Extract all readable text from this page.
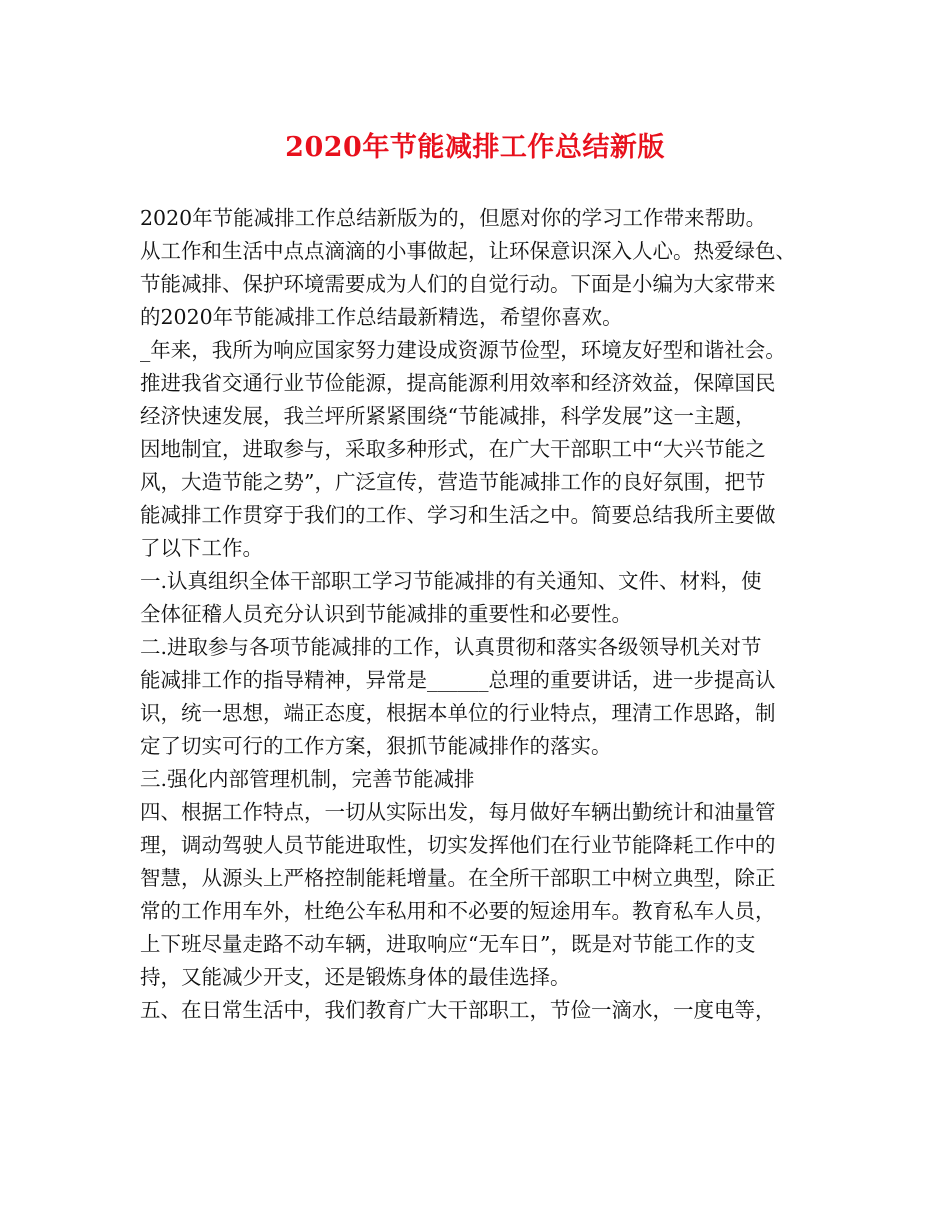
2020年节能减排工作总结新版
2020年节能减排工作总结新版为的，但愿对你的学习工作带来帮助。
从工作和生活中点点滴滴的小事做起，让环保意识深入人心。热爱绿色、
节能减排、保护环境需要成为人们的自觉行动。下面是小编为大家带来
的2020年节能减排工作总结最新精选，希望你喜欢。
_年来，我所为响应国家努力建设成资源节俭型，环境友好型和谐社会。
推进我省交通行业节俭能源，提高能源利用效率和经济效益，保障国民
经济快速发展，我兰坪所紧紧围绕“节能减排，科学发展”这一主题，
因地制宜，进取参与，采取多种形式，在广大干部职工中“大兴节能之
风，大造节能之势”，广泛宣传，营造节能减排工作的良好氛围，把节
能减排工作贯穿于我们的工作、学习和生活之中。简要总结我所主要做
了以下工作。
一.认真组织全体干部职工学习节能减排的有关通知、文件、材料，使
全体征稽人员充分认识到节能减排的重要性和必要性。
二.进取参与各项节能减排的工作，认真贯彻和落实各级领导机关对节
能减排工作的指导精神，异常是______总理的重要讲话，进一步提高认
识，统一思想，端正态度，根据本单位的行业特点，理清工作思路，制
定了切实可行的工作方案，狠抓节能减排作的落实。
三.强化内部管理机制，完善节能减排
四、根据工作特点，一切从实际出发，每月做好车辆出勤统计和油量管
理，调动驾驶人员节能进取性，切实发挥他们在行业节能降耗工作中的
智慧，从源头上严格控制能耗增量。在全所干部职工中树立典型，除正
常的工作用车外，杜绝公车私用和不必要的短途用车。教育私车人员，
上下班尽量走路不动车辆，进取响应“无车日”，既是对节能工作的支
持，又能减少开支，还是锻炼身体的最佳选择。
五、在日常生活中，我们教育广大干部职工，节俭一滴水，一度电等，
